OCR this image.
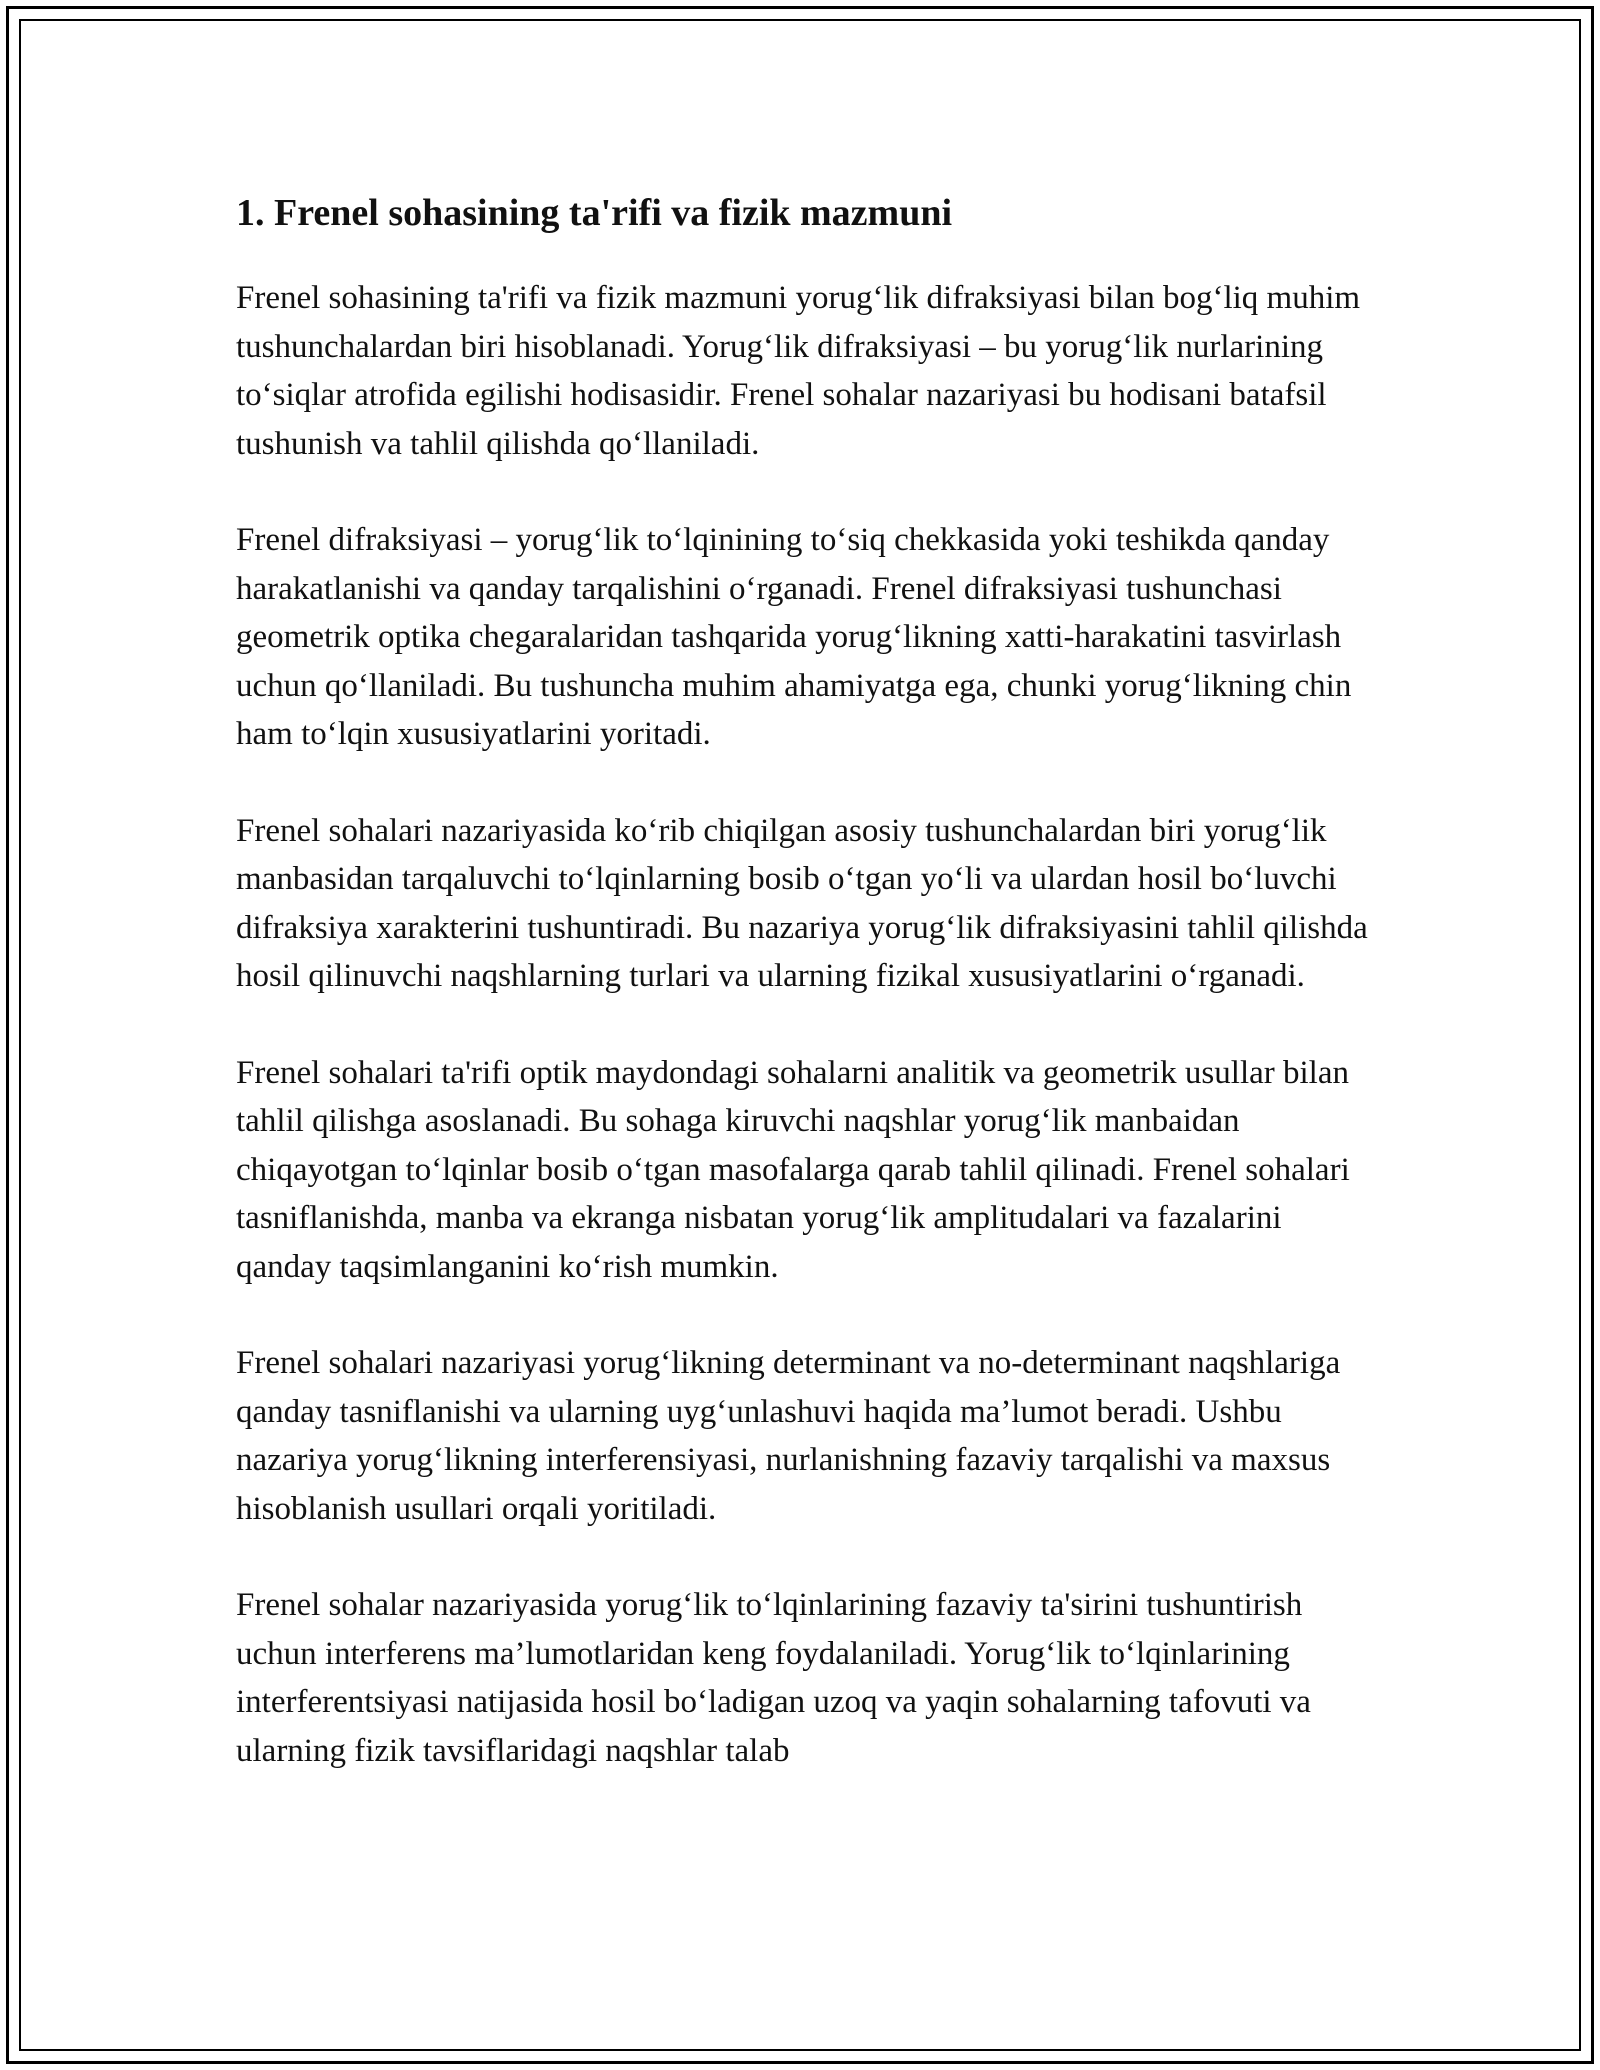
1. Frenel sohasining ta'rifi va fizik mazmuni

Frenel sohasining ta'rifi va fizik mazmuni yorug‘lik difraksiyasi bilan bog‘liq muhim tushunchalardan biri hisoblanadi. Yorug‘lik difraksiyasi – bu yorug‘lik nurlarining to‘siqlar atrofida egilishi hodisasidir. Frenel sohalar nazariyasi bu hodisani batafsil tushunish va tahlil qilishda qo‘llaniladi.

Frenel difraksiyasi – yorug‘lik to‘lqinining to‘siq chekkasida yoki teshikda qanday harakatlanishi va qanday tarqalishini o‘rganadi. Frenel difraksiyasi tushunchasi geometrik optika chegaralaridan tashqarida yorug‘likning xatti-harakatini tasvirlash uchun qo‘llaniladi. Bu tushuncha muhim ahamiyatga ega, chunki yorug‘likning chin ham to‘lqin xususiyatlarini yoritadi.

Frenel sohalari nazariyasida ko‘rib chiqilgan asosiy tushunchalardan biri yorug‘lik manbasidan tarqaluvchi to‘lqinlarning bosib o‘tgan yo‘li va ulardan hosil bo‘luvchi difraksiya xarakterini tushuntiradi. Bu nazariya yorug‘lik difraksiyasini tahlil qilishda hosil qilinuvchi naqshlarning turlari va ularning fizikal xususiyatlarini o‘rganadi.

Frenel sohalari ta'rifi optik maydondagi sohalarni analitik va geometrik usullar bilan tahlil qilishga asoslanadi. Bu sohaga kiruvchi naqshlar yorug‘lik manbaidan chiqayotgan to‘lqinlar bosib o‘tgan masofalarga qarab tahlil qilinadi. Frenel sohalari tasniflanishda, manba va ekranga nisbatan yorug‘lik amplitudalari va fazalarini qanday taqsimlanganini ko‘rish mumkin.

Frenel sohalari nazariyasi yorug‘likning determinant va no-determinant naqshlariga qanday tasniflanishi va ularning uyg‘unlashuvi haqida ma’lumot beradi. Ushbu nazariya yorug‘likning interferensiyasi, nurlanishning fazaviy tarqalishi va maxsus hisoblanish usullari orqali yoritiladi.

Frenel sohalar nazariyasida yorug‘lik to‘lqinlarining fazaviy ta'sirini tushuntirish uchun interferens ma’lumotlaridan keng foydalaniladi. Yorug‘lik to‘lqinlarining interferentsiyasi natijasida hosil bo‘ladigan uzoq va yaqin sohalarning tafovuti va ularning fizik tavsiflaridagi naqshlar talab
